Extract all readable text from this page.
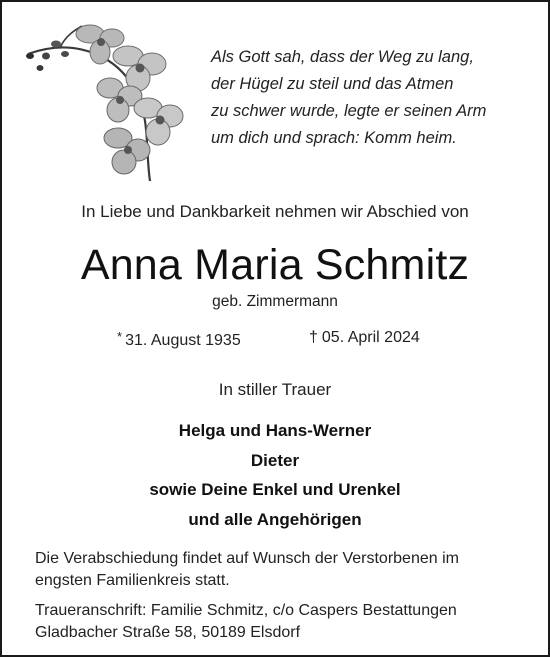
Als Gott sah, dass der Weg zu lang,
der Hügel zu steil und das Atmen
zu schwer wurde, legte er seinen Arm
um dich und sprach: Komm heim.
In Liebe und Dankbarkeit nehmen wir Abschied von
Anna Maria Schmitz
geb. Zimmermann
* 31. August 1935	† 05. April 2024
In stiller Trauer
Helga und Hans-Werner
Dieter
sowie Deine Enkel und Urenkel
und alle Angehörigen
Die Verabschiedung findet auf Wunsch der Verstorbenen im
engsten Familienkreis statt.
Traueranschrift: Familie Schmitz, c/o Caspers Bestattungen
Gladbacher Straße 58, 50189 Elsdorf
